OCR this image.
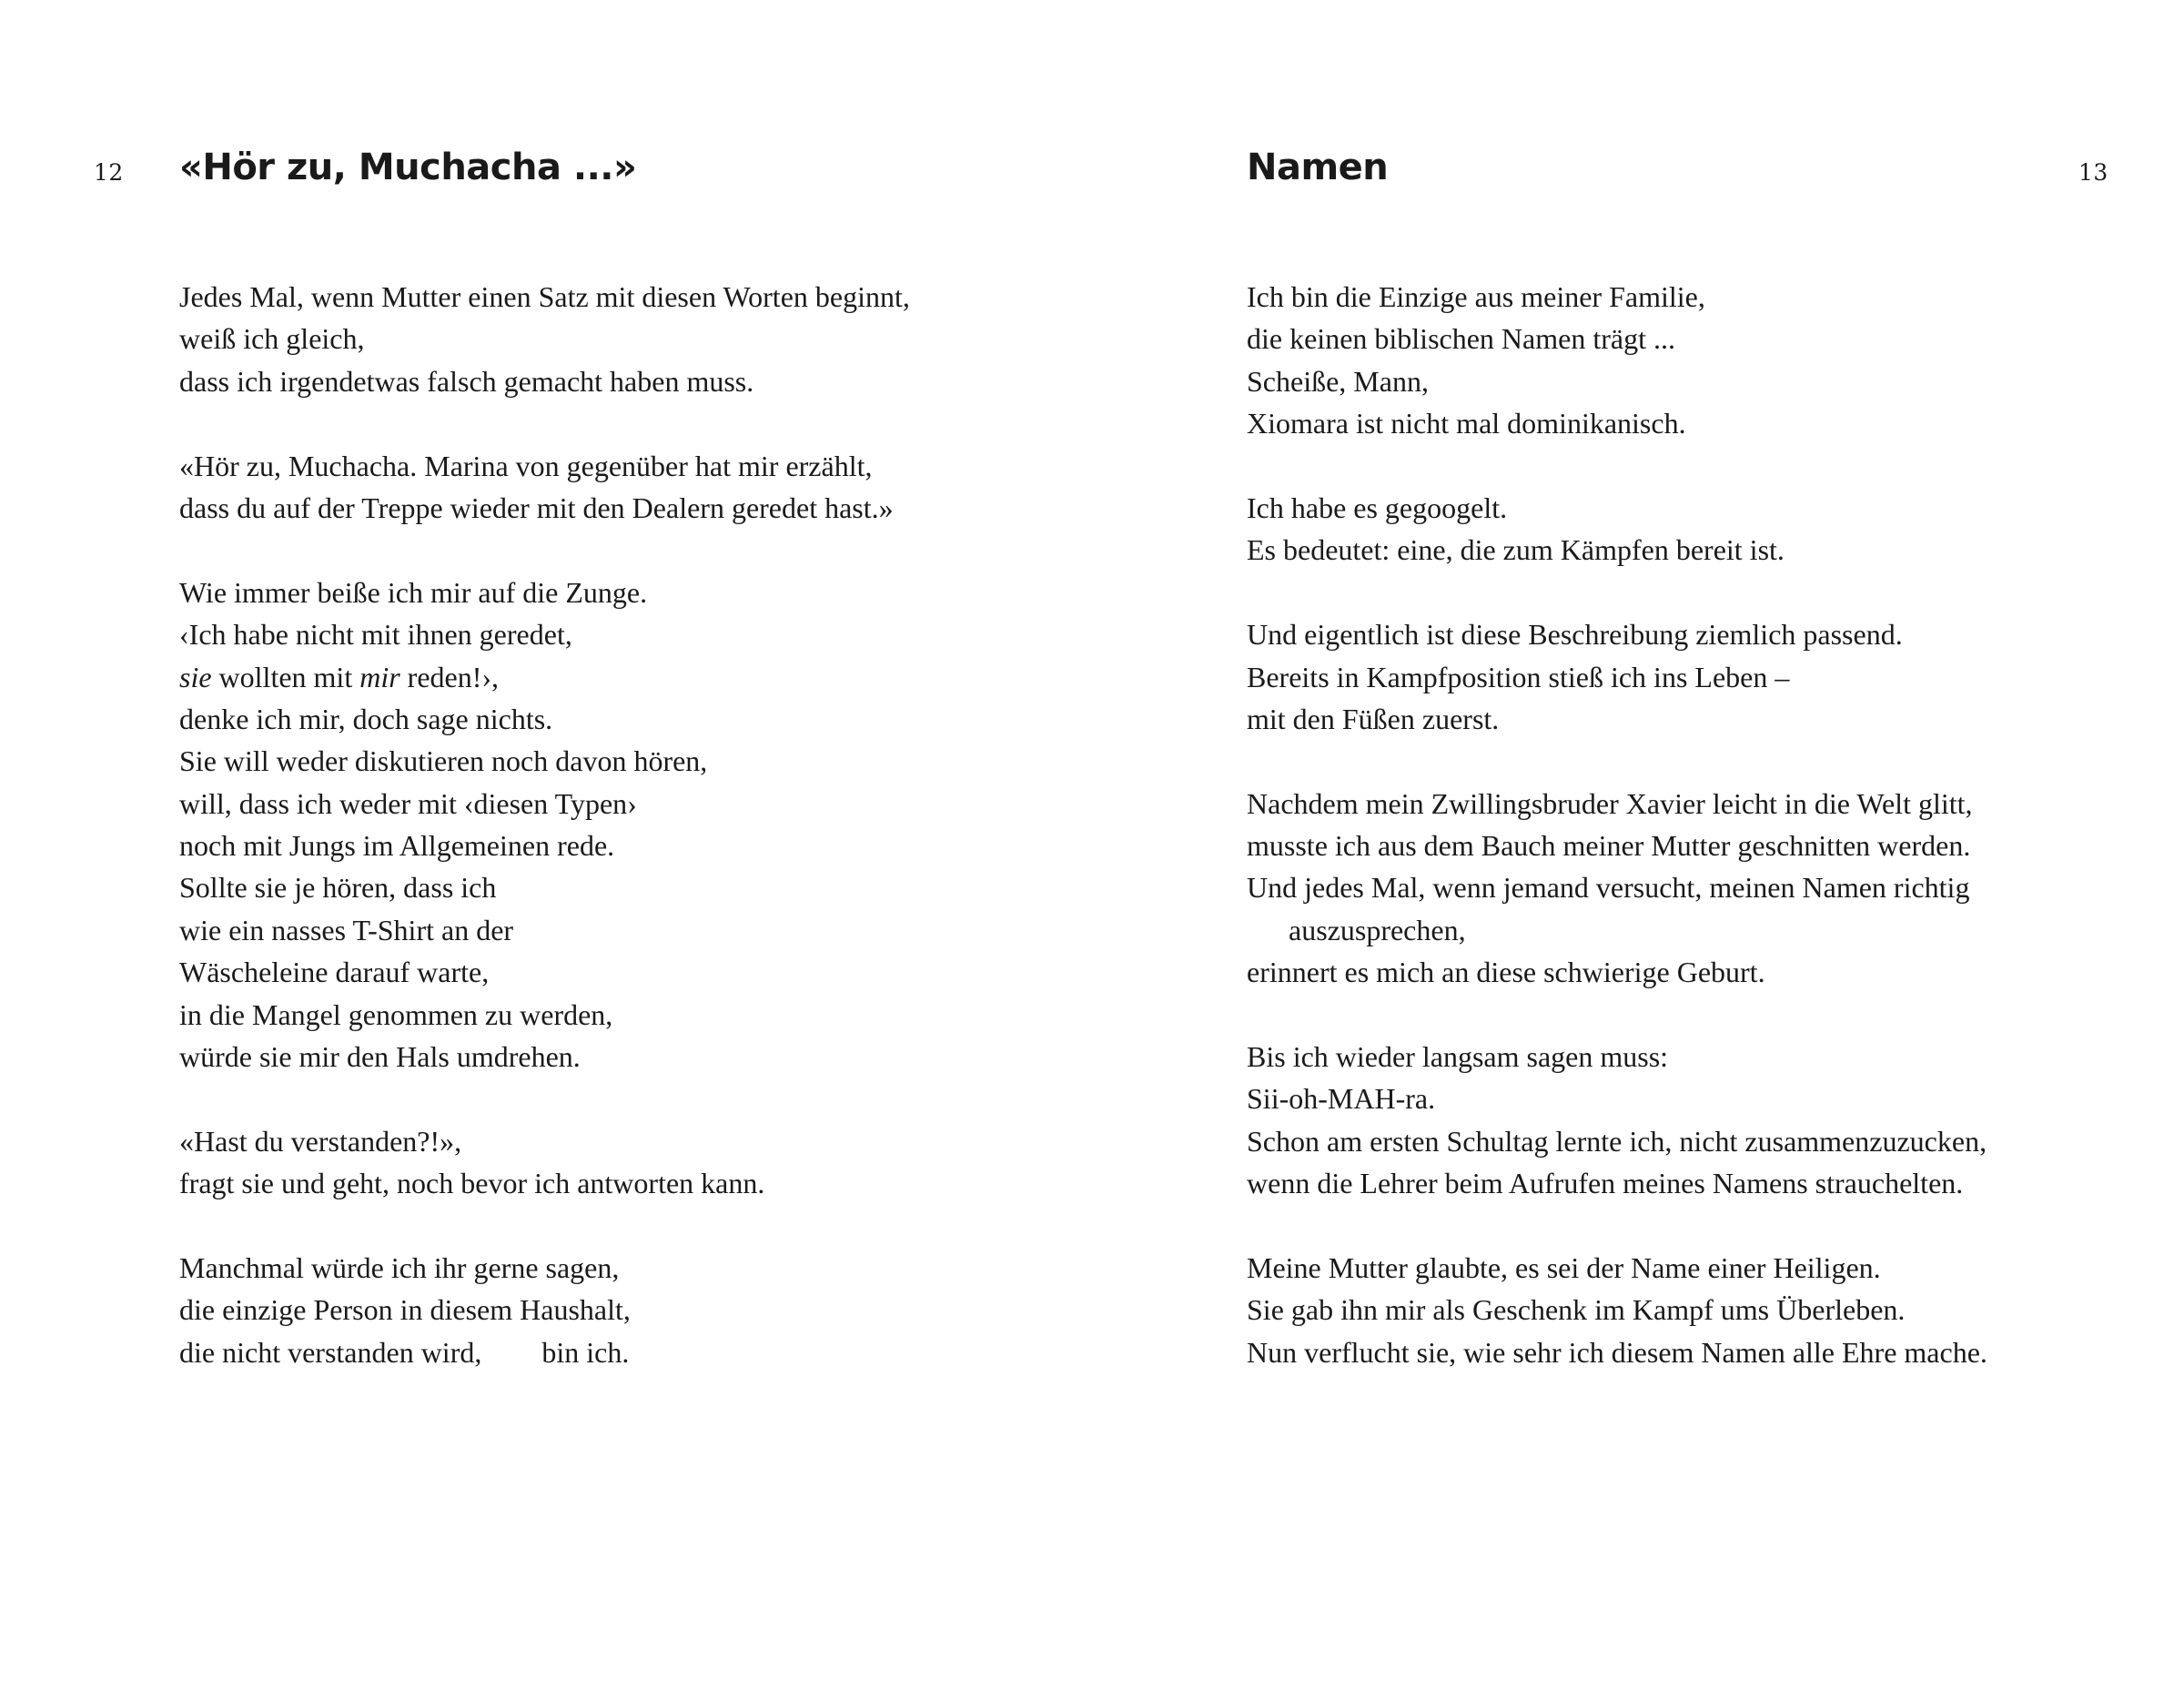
12 «Hör zu, Muchacha ...»
Jedes Mal, wenn Mutter einen Satz mit diesen Worten beginnt,
weiß ich gleich,
dass ich irgendetwas falsch gemacht haben muss.
«Hör zu, Muchacha. Marina von gegenüber hat mir erzählt,
dass du auf der Treppe wieder mit den Dealern geredet hast.»
Wie immer beiße ich mir auf die Zunge.
‹Ich habe nicht mit ihnen geredet,
sie wollten mit mir reden!›,
denke ich mir, doch sage nichts.
Sie will weder diskutieren noch davon hören,
will, dass ich weder mit ‹diesen Typen›
noch mit Jungs im Allgemeinen rede.
Sollte sie je hören, dass ich
wie ein nasses T-Shirt an der
Wäscheleine darauf warte,
in die Mangel genommen zu werden,
würde sie mir den Hals umdrehen.
«Hast du verstanden?!»,
fragt sie und geht, noch bevor ich antworten kann.
Manchmal würde ich ihr gerne sagen,
die einzige Person in diesem Haushalt,
die nicht verstanden wird, bin ich.
13
Namen
Ich bin die Einzige aus meiner Familie,
die keinen biblischen Namen trägt ...
Scheiße, Mann,
Xiomara ist nicht mal dominikanisch.
Ich habe es gegoogelt.
Es bedeutet: eine, die zum Kämpfen bereit ist.
Und eigentlich ist diese Beschreibung ziemlich passend.
Bereits in Kampfposition stieß ich ins Leben –
mit den Füßen zuerst.
Nachdem mein Zwillingsbruder Xavier leicht in die Welt glitt,
musste ich aus dem Bauch meiner Mutter geschnitten werden.
Und jedes Mal, wenn jemand versucht, meinen Namen richtig
auszusprechen,
erinnert es mich an diese schwierige Geburt.
Bis ich wieder langsam sagen muss:
Sii-oh-MAH-ra.
Schon am ersten Schultag lernte ich, nicht zusammenzuzucken,
wenn die Lehrer beim Aufrufen meines Namens strauchelten.
Meine Mutter glaubte, es sei der Name einer Heiligen.
Sie gab ihn mir als Geschenk im Kampf ums Überleben.
Nun verflucht sie, wie sehr ich diesem Namen alle Ehre mache.
